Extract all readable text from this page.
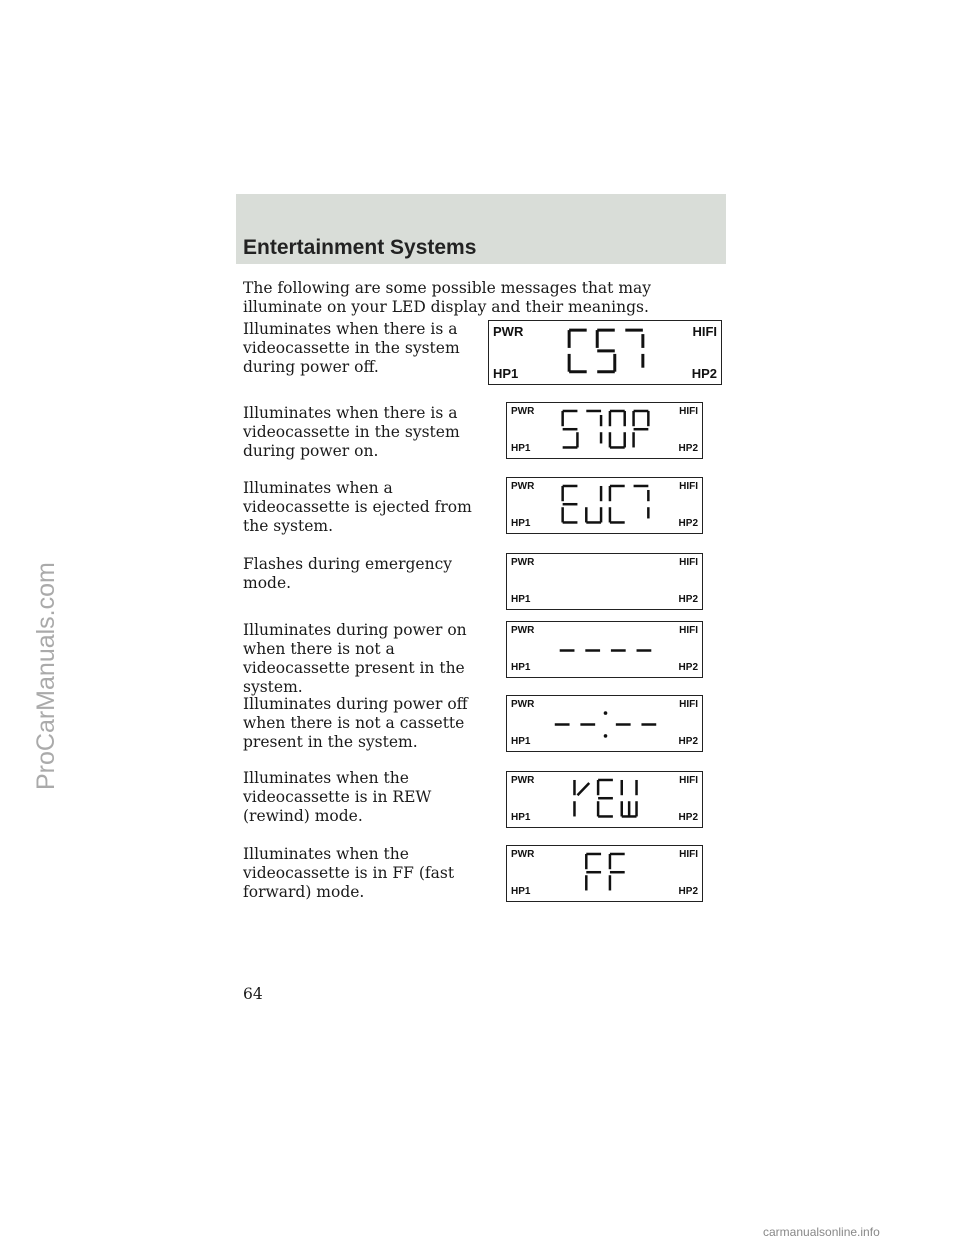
Entertainment Systems
The following are some possible messages that may illuminate on your LED display and their meanings.
Illuminates when there is a videocassette in the system during power off.
Illuminates when there is a videocassette in the system during power on.
Illuminates when a videocassette is ejected from the system.
Flashes during emergency mode.
Illuminates during power on when there is not a videocassette present in the system.
Illuminates during power off when there is not a cassette present in the system.
Illuminates when the videocassette is in REW (rewind) mode.
Illuminates when the videocassette is in FF (fast forward) mode.
PWR	HIFI
HP1	HP2
PWR	HIFI
HP1	HP2
PWR	HIFI
HP1	HP2
PWR	HIFI
HP1	HP2
PWR	HIFI
HP1	HP2
PWR	HIFI
HP1	HP2
PWR	HIFI
HP1	HP2
PWR	HIFI
HP1	HP2
64
ProCarManuals.com
carmanualsonline.info
